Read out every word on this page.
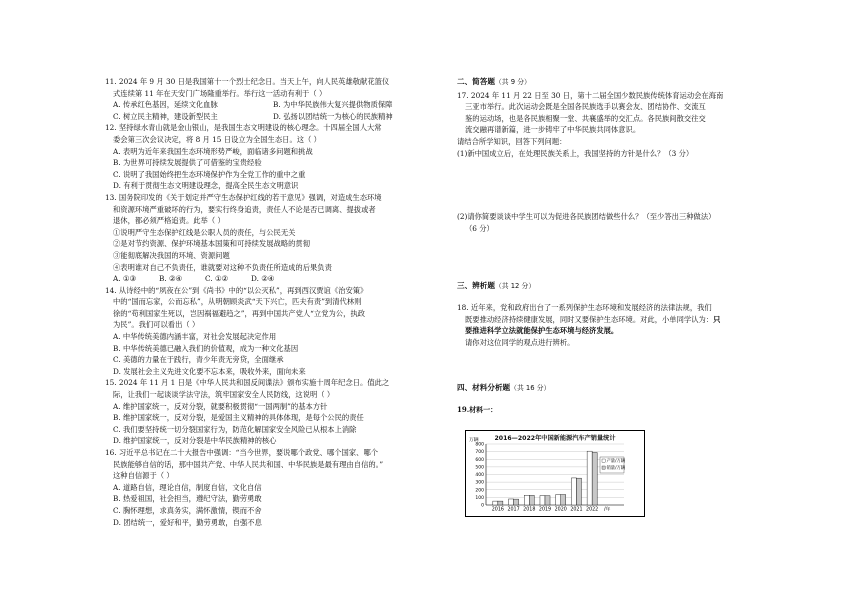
11. 2024 年 9 月 30 日是我国第十一个烈士纪念日。当天上午，向人民英雄敬献花篮仪
式连续第 11 年在天安门广场隆重举行。举行这一活动有利于（ ）
A. 传承红色基因，延续文化血脉	B. 为中华民族伟大复兴提供物质保障
C. 树立民主精神，建设新型民主	D. 弘扬以团结统一为核心的民族精神
12. 坚持绿水青山就是金山银山，是我国生态文明建设的核心理念。十四届全国人大常
委会第三次会议决定，将 8 月 15 日设立为全国生态日。这（ ）
A. 表明为近年来我国生态环境形势严峻，面临诸多问题和挑战
B. 为世界可持续发展提供了可借鉴的宝贵经验
C. 说明了我国始终把生态环境保护作为全党工作的重中之重
D. 有利于贯彻生态文明建设理念，提高全民生态文明意识
13. 国务院印发的《关于划定并严守生态保护红线的若干意见》强调，对造成生态环境
和资源环境严重破坏的行为，要实行终身追责，责任人不论是否已调离、提拔或者
退休，都必须严格追责。此举（ ）
①说明严守生态保护红线是公职人员的责任，与公民无关
②是对节约资源、保护环境基本国策和可持续发展战略的贯彻
③能彻底解决我国的环境、资源问题
④表明谁对自己不负责任，谁就要对这种不负责任所造成的后果负责
A. ①③	B. ②④	C. ①②	D. ②④
14. 从诗经中的“夙夜在公”到《尚书》中的“以公灭私”，再到西汉贾谊《治安策》
中的“国而忘家，公而忘私”，从明朝顾炎武“天下兴亡，匹夫有责”到清代林则
徐的“苟利国家生死以，岂因祸福避趋之”，再到中国共产党人“立党为公，执政
为民”。我们可以看出（ ）
A. 中华传统美德内涵丰富，对社会发展起决定作用
B. 中华传统美德已融入我们的价值观，成为一种文化基因
C. 美德的力量在于践行，青少年责无旁贷，全面继承
D. 发展社会主义先进文化要不忘本来，吸收外来，面向未来
15. 2024 年 11 月 1 日是《中华人民共和国反间谍法》颁布实施十周年纪念日。值此之
际，让我们一起谈谈学法守法，筑牢国家安全人民防线，这说明（ ）
A. 维护国家统一，反对分裂，就要积极贯彻“一国两制”的基本方针
B. 维护国家统一，反对分裂，是爱国主义精神的具体体现，是每个公民的责任
C. 我们要坚持统一切分裂国家行为，防范化解国家安全风险已从根本上消除
D. 维护国家统一，反对分裂是中华民族精神的核心
16. 习近平总书记在二十大报告中强调：“当今世界，要说哪个政党、哪个国家、哪个
民族能够自信的话，那中国共产党、中华人民共和国、中华民族是最有理由自信的。”
这种自信源于（ ）
A. 道路自信，理论自信，制度自信，文化自信
B. 热爱祖国，社会担当，遵纪守法，勤劳勇敢
C. 胸怀理想，求真务实，满怀激情，锲而不舍
D. 团结统一，爱好和平，勤劳勇敢，自强不息
二、简答题（共 9 分）
17. 2024 年 11 月 22 日至 30 日，第十二届全国少数民族传统体育运动会在海南
三亚市举行。此次运动会既是全国各民族选手以赛会友、团结协作、交流互
鉴的运动场，也是各民族相聚一堂、共襄盛举的交汇点。各民族间散交往交
流交融再谱新篇，进一步铸牢了中华民族共同体意识。
请结合所学知识，回答下列问题：
(1)新中国成立后，在处理民族关系上，我国坚持的方针是什么？（3 分）
(2)请你简要谈谈中学生可以为促进各民族团结做些什么？（至少答出三种做法）
（6 分）
三、辨析题（共 12 分）
18. 近年来，党和政府出台了一系列保护生态环境和发展经济的法律法规，我们
既要推动经济持续健康发展，同时又要保护生态环境。对此，小单同学认为：只
要推进科学立法就能保护生态环境与经济发展。
请你对这位同学的观点进行辨析。
四、材料分析题（共 16 分）
19.材料一：
2016—2022年中国新能源汽车产销量统计
0
100
200
300
400
500
600
700
800
万辆
2016 2017 2018 2019 2020 2021 2022 /年
产量/万辆
销量/万辆
